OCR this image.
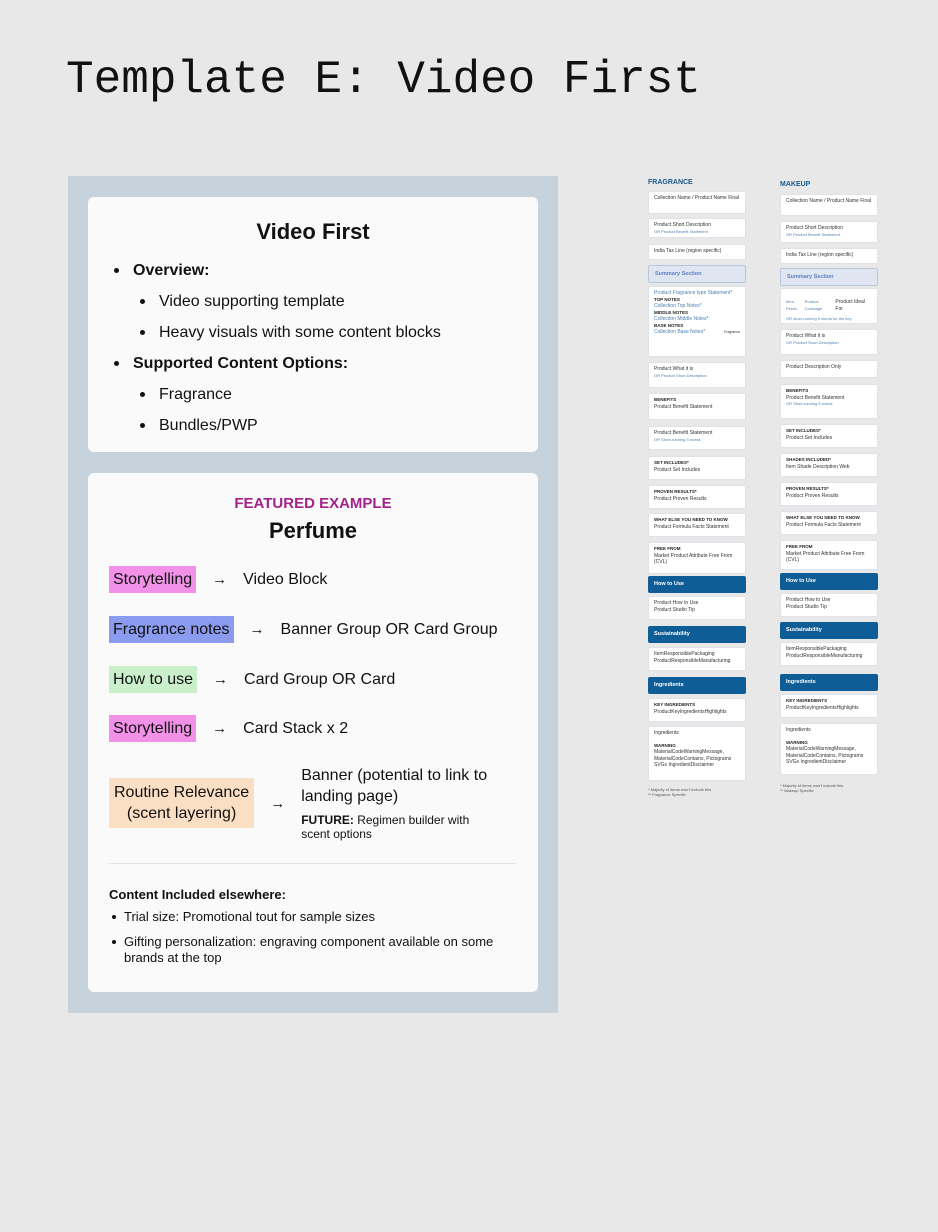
Template E: Video First
Video First
Overview:
Video supporting template
Heavy visuals with some content blocks
Supported Content Options:
Fragrance
Bundles/PWP
FEATURED EXAMPLE
Perfume
Storytelling → Video Block
Fragrance notes → Banner Group OR Card Group
How to use → Card Group OR Card
Storytelling → Card Stack x 2
Routine Relevance
(scent layering)
→
Banner (potential to link to landing page)
FUTURE: Regimen builder with scent options
Content Included elsewhere:
Trial size: Promotional tout for sample sizes
Gifting personalization: engraving component available on some brands at the top
FRAGRANCE
Collection Name / Product Name Final
Product Short Description
OR Product Benefit Statement
India Tax Line (region specific)
Summary Section
Product Fragrance type Statement*
TOP NOTES
Collection Top Notes*
MIDDLE NOTES
Collection Middle Notes*
BASE NOTES
Collection Base Notes*	Fragrance
Product What it is
OR Product Short Description
BENEFITS
Product Benefit Statement
Product Benefit Statement
OR Short-running 5 words
SET INCLUDES*
Product Set Includes
PROVEN RESULTS*
Product Proven Results
WHAT ELSE YOU NEED TO KNOW
Product Formula Facts Statement
FREE FROM
Market Product Attribute Free From (CVL)
How to Use
Product How to Use
Product Studio Tip
Sustainability
ItemResponsiblePackaging
ProductResponsibleManufacturing
Ingredients
KEY INGREDIENTS
ProductKeyIngredientsHighlights
Ingredients
WARNING
MaterialCodeWarningMessage, MaterialCodeContains, Pictograms SVGs IngredientDisclaimer
* Majority of items won't include this
** Fragrance Specific
MAKEUP
Collection Name / Product Name Final
Product Short Description
OR Product Benefit Statement
India Tax Line (region specific)
Summary Section
Item Finish
Product Coverage
Product Ideal For
OR short-running 5 words for the key
Product What it is
OR Product Short Description
Product Description Only
BENEFITS
Product Benefit Statement
OR Short-running 5 words
SET INCLUDES*
Product Set Includes
SHADES INCLUDED*
Item Shade Description Web
PROVEN RESULTS*
Product Proven Results
WHAT ELSE YOU NEED TO KNOW
Product Formula Facts Statement
FREE FROM
Market Product Attribute Free From (CVL)
How to Use
Product How to Use
Product Studio Tip
Sustainability
ItemResponsiblePackaging
ProductResponsibleManufacturing
Ingredients
KEY INGREDIENTS
ProductKeyIngredientsHighlights
Ingredients
WARNING
MaterialCodeWarningMessage, MaterialCodeContains, Pictograms SVGs IngredientDisclaimer
* Majority of items won't include this
** Makeup Specific
